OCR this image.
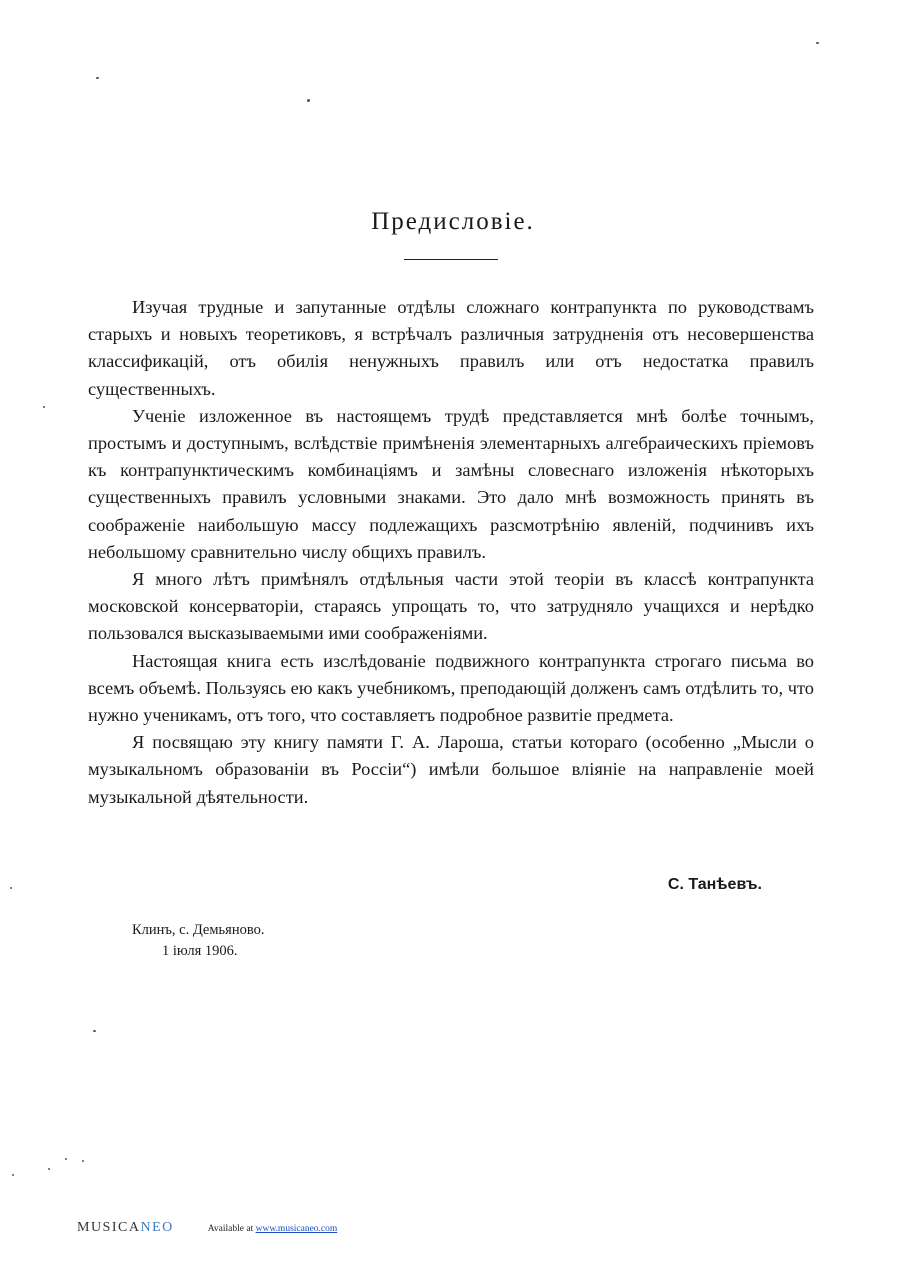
Предисловіе.

Изучая трудные и запутанные отдѣлы сложнаго контрапункта по руководствамъ старыхъ и новыхъ теоретиковъ, я встрѣчалъ различныя затрудненія отъ несовершенства классификацій, отъ обилія ненужныхъ правилъ или отъ недостатка правилъ существенныхъ.

Ученіе изложенное въ настоящемъ трудѣ представляется мнѣ болѣе точнымъ, простымъ и доступнымъ, вслѣдствіе примѣненія элементарныхъ алгебраическихъ пріемовъ къ контрапунктическимъ комбинаціямъ и замѣны словеснаго изложенія нѣкоторыхъ существенныхъ правилъ условными знаками. Это дало мнѣ возможность принять въ соображеніе наибольшую массу подлежащихъ разсмотрѣнію явленій, подчинивъ ихъ небольшому сравнительно числу общихъ правилъ.

Я много лѣтъ примѣнялъ отдѣльныя части этой теоріи въ классѣ контрапункта московской консерваторіи, стараясь упрощать то, что затрудняло учащихся и нерѣдко пользовался высказываемыми ими соображеніями.

Настоящая книга есть изслѣдованіе подвижного контрапункта строгаго письма во всемъ объемѣ. Пользуясь ею какъ учебникомъ, преподающій долженъ самъ отдѣлить то, что нужно ученикамъ, отъ того, что составляетъ подробное развитіе предмета.

Я посвящаю эту книгу памяти Г. А. Лароша, статьи котораго (особенно „Мысли о музыкальномъ образованіи въ Россіи“) имѣли большое вліяніе на направленіе моей музыкальной дѣятельности.

С. Танѣевъ.
Клинъ, с. Демьяново.
1 іюля 1906.
MUSICANEO	Available at www.musicaneo.com
